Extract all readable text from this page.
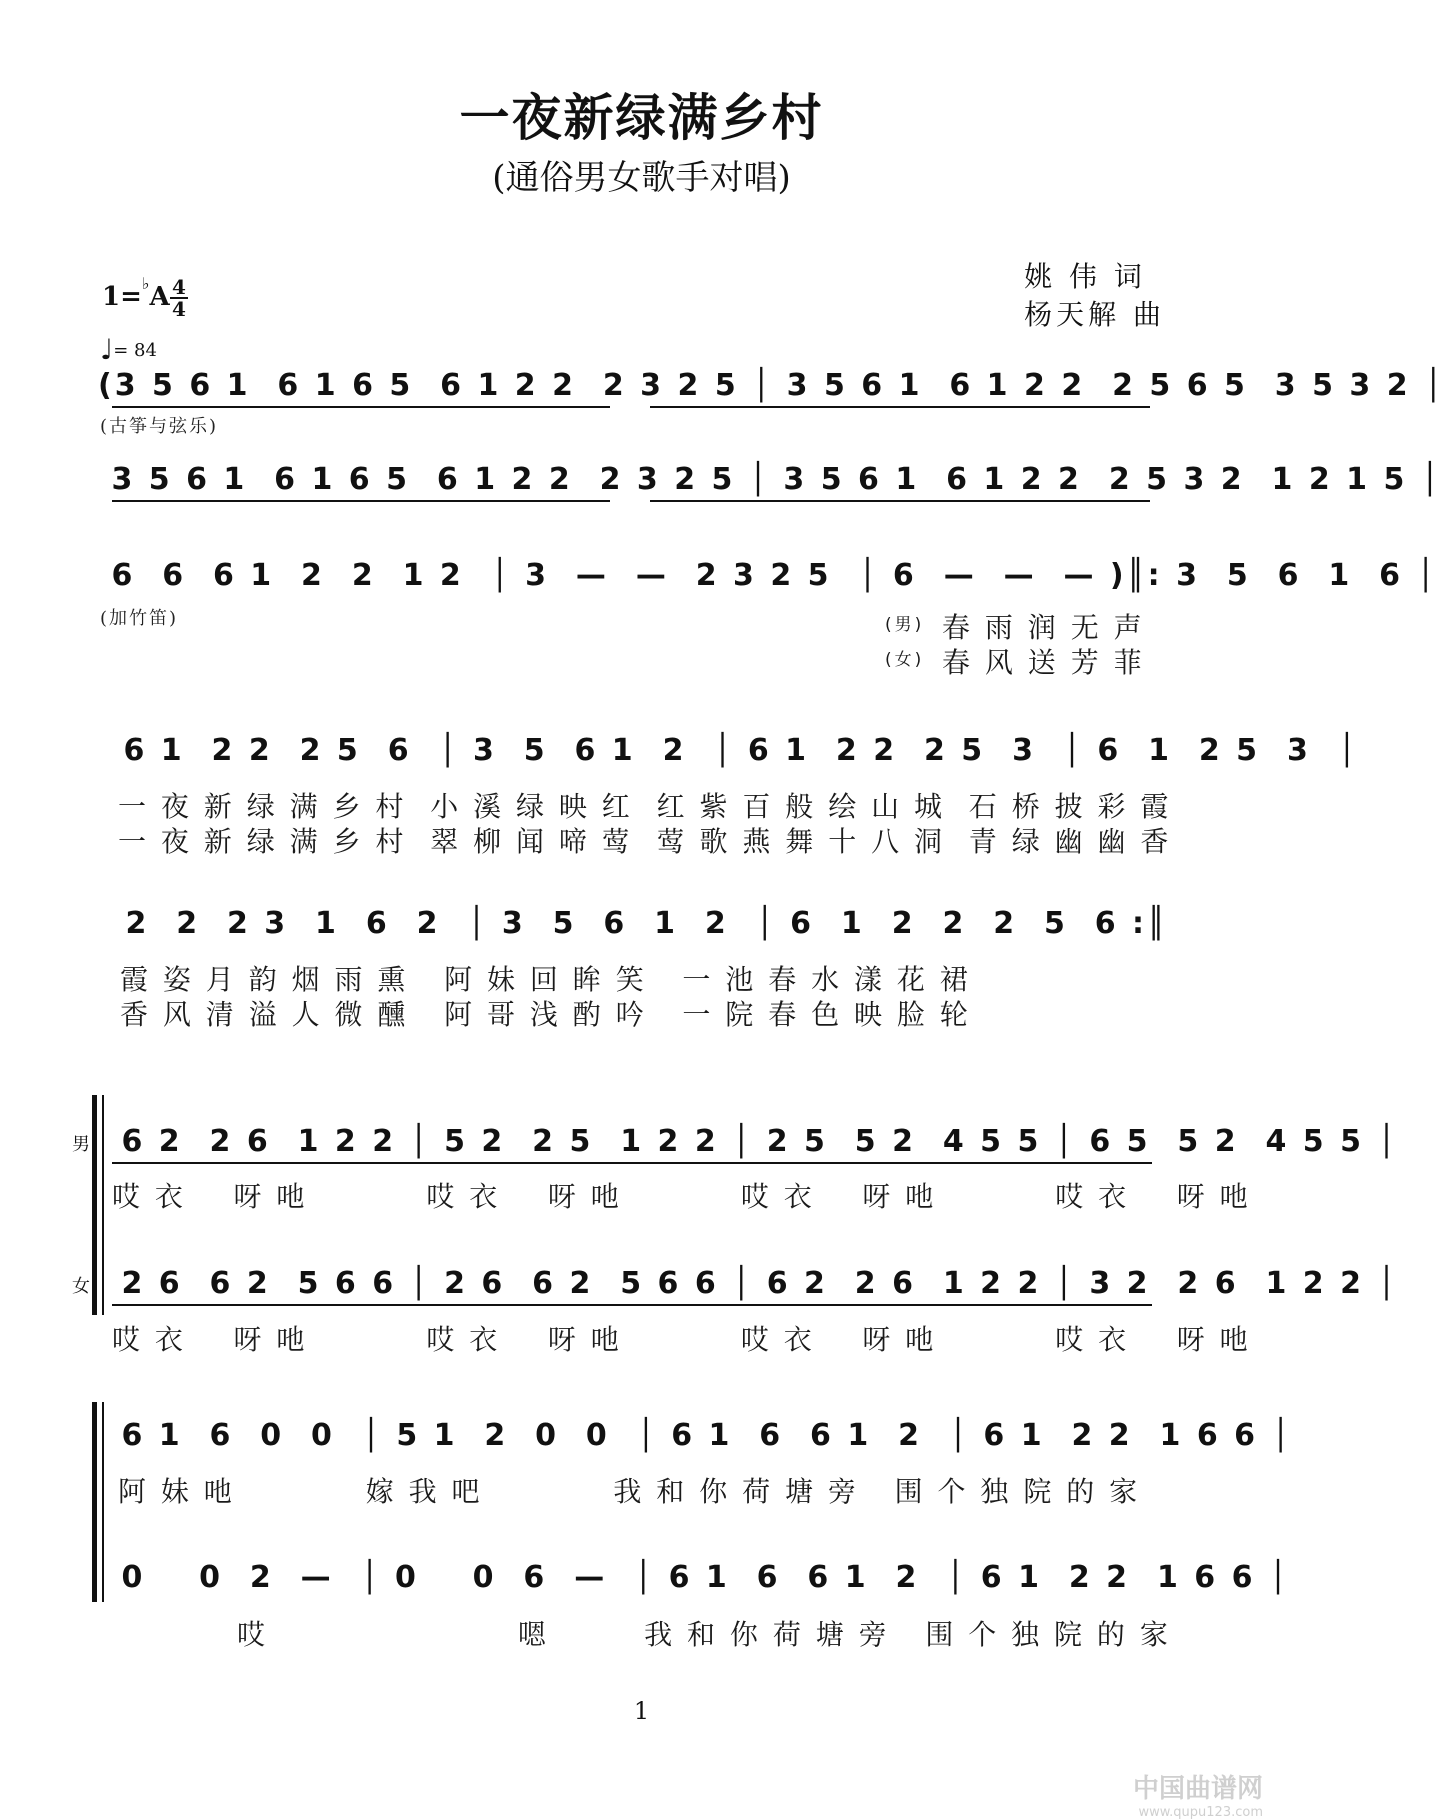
一夜新绿满乡村
(通俗男女歌手对唱)
姚 伟 词
杨天解 曲
1=♭A 4
4
♩= 84
(3 5 6 1  6 1 6 5  6 1 2 2  2 3 2 5 │ 3 5 6 1  6 1 2 2  2 5 6 5  3 5 3 2 │
(古筝与弦乐)
3 5 6 1  6 1 6 5  6 1 2 2  2 3 2 5 │ 3 5 6 1  6 1 2 2  2 5 3 2  1 2 1 5 │
6  6  6 1  2  2  1 2  │ 3  —  —  2 3 2 5  │ 6  —  —  — )║: 3  5  6  1  6 │
(加竹笛)	(男) 春 雨 润 无 声
(女) 春 风 送 芳 菲
6 1  2 2  2 5  6  │ 3  5  6 1  2  │ 6 1  2 2  2 5  3  │ 6  1  2 5  3  │
一 夜 新 绿 满 乡 村  小 溪 绿 映 红  红 紫 百 般 绘 山 城  石 桥 披 彩 霞
一 夜 新 绿 满 乡 村  翠 柳 闻 啼 莺  莺 歌 燕 舞 十 八 洞  青 绿 幽 幽 香
2  2  2 3  1  6  2  │ 3  5  6  1  2  │ 6  1  2  2  2  5  6 :║
霞 姿 月 韵 烟 雨 熏   阿 妹 回 眸 笑   一 池 春 水 漾 花 裙
香 风 清 溢 人 微 醺   阿 哥 浅 酌 吟   一 院 春 色 映 脸 轮
男 6 2  2 6  1 2 2 │ 5 2  2 5  1 2 2 │ 2 5  5 2  4 5 5 │ 6 5  5 2  4 5 5 │
哎 衣    呀 吔          哎 衣    呀 吔          哎 衣    呀 吔          哎 衣    呀 吔
女 2 6  6 2  5 6 6 │ 2 6  6 2  5 6 6 │ 6 2  2 6  1 2 2 │ 3 2  2 6  1 2 2 │
哎 衣    呀 吔          哎 衣    呀 吔          哎 衣    呀 吔          哎 衣    呀 吔
6 1  6  0  0  │ 5 1  2  0  0  │ 6 1  6  6 1  2  │ 6 1  2 2  1 6 6 │
阿 妹 吔           嫁 我 吧           我 和 你 荷 塘 旁   围 个 独 院 的 家
0    0  2  —  │ 0    0  6  —  │ 6 1  6  6 1  2  │ 6 1  2 2  1 6 6 │
哎                     嗯        我 和 你 荷 塘 旁   围 个 独 院 的 家
1
中国曲谱网
www.qupu123.com
